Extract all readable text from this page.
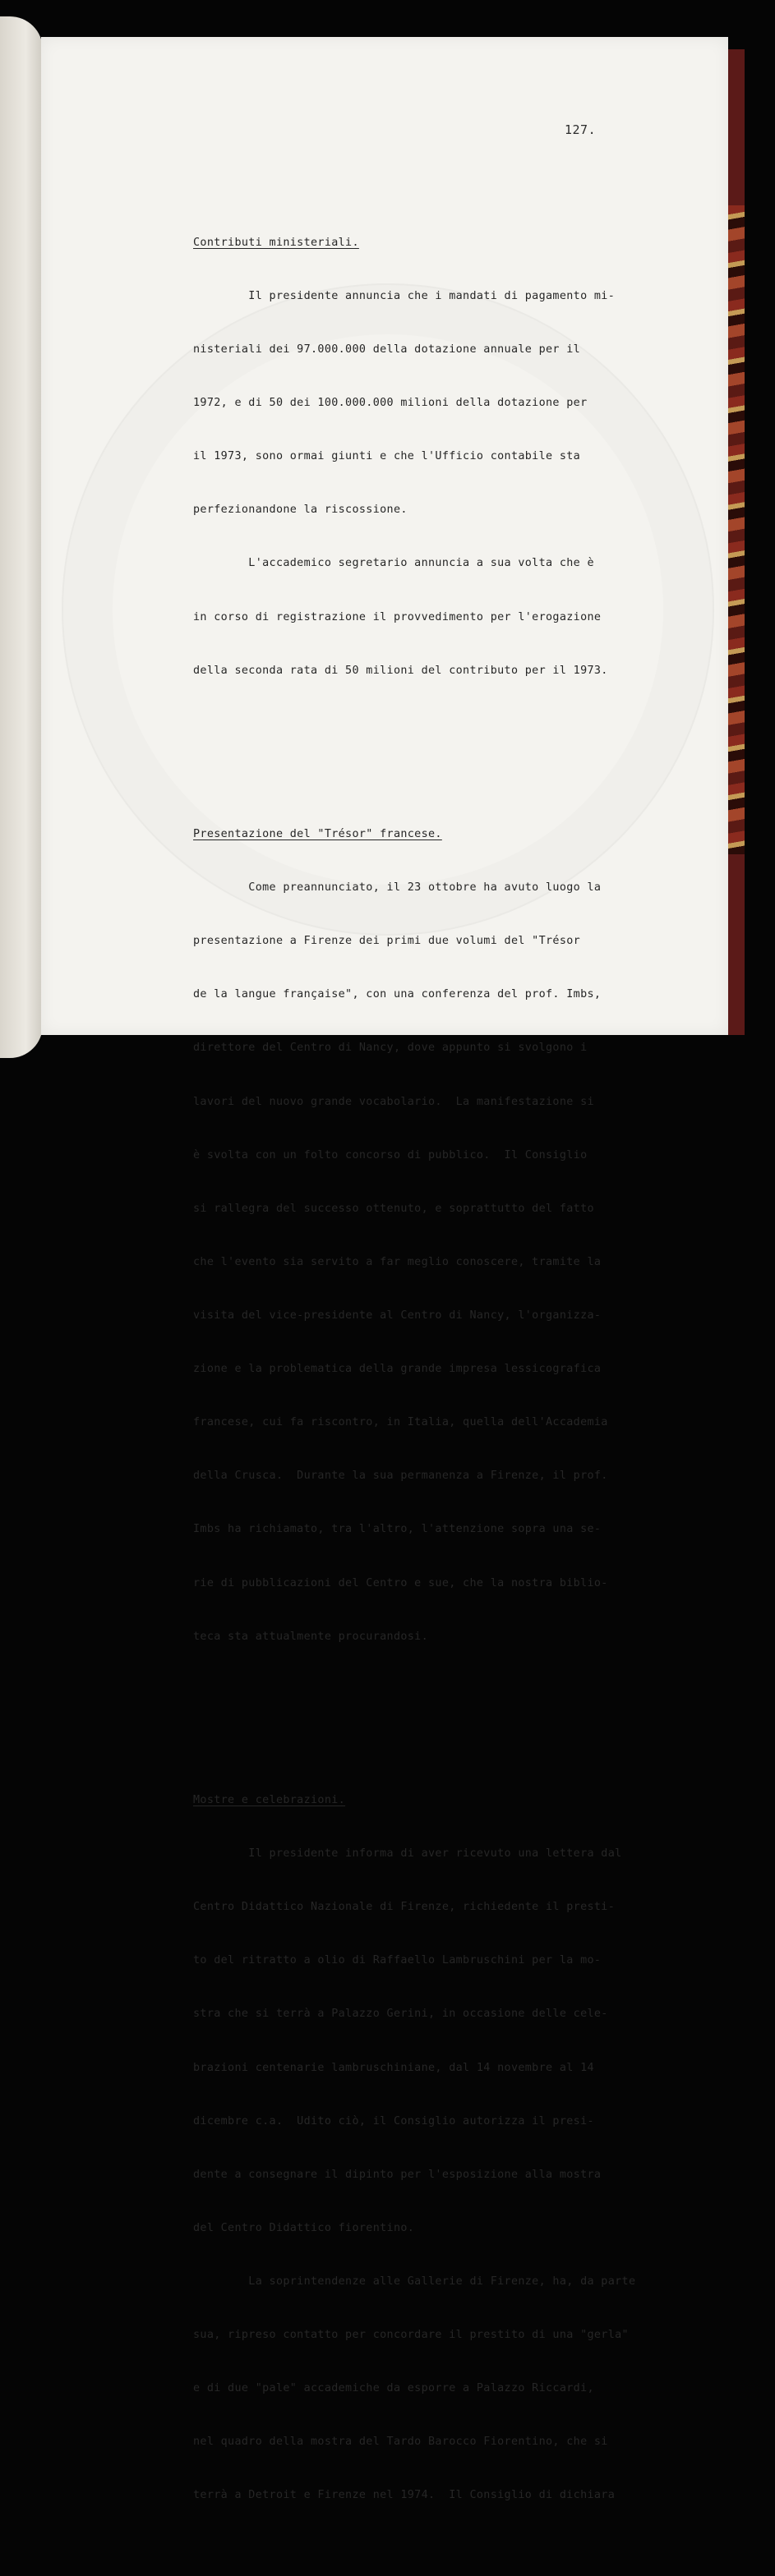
127.

Contributi ministeriali.

Il presidente annuncia che i mandati di pagamento mi-

nisteriali dei 97.000.000 della dotazione annuale per il

1972, e di 50 dei 100.000.000 milioni della dotazione per

il 1973, sono ormai giunti e che l'Ufficio contabile sta

perfezionandone la riscossione.

L'accademico segretario annuncia a sua volta che è

in corso di registrazione il provvedimento per l'erogazione

della seconda rata di 50 milioni del contributo per il 1973.

Presentazione del "Trésor" francese.

Come preannunciato, il 23 ottobre ha avuto luogo la

presentazione a Firenze dei primi due volumi del "Trésor

de la langue française", con una conferenza del prof. Imbs,

direttore del Centro di Nancy, dove appunto si svolgono i

lavori del nuovo grande vocabolario.  La manifestazione si

è svolta con un folto concorso di pubblico.  Il Consiglio

si rallegra del successo ottenuto, e soprattutto del fatto

che l'evento sia servito a far meglio conoscere, tramite la

visita del vice-presidente al Centro di Nancy, l'organizza-

zione e la problematica della grande impresa lessicografica

francese, cui fa riscontro, in Italia, quella dell'Accademia

della Crusca.  Durante la sua permanenza a Firenze, il prof.

Imbs ha richiamato, tra l'altro, l'attenzione sopra una se-

rie di pubblicazioni del Centro e sue, che la nostra biblio-

teca sta attualmente procurandosi.

Mostre e celebrazioni.

Il presidente informa di aver ricevuto una lettera dal

Centro Didattico Nazionale di Firenze, richiedente il presti-

to del ritratto a olio di Raffaello Lambruschini per la mo-

stra che si terrà a Palazzo Gerini, in occasione delle cele-

brazioni centenarie lambruschiniane, dal 14 novembre al 14

dicembre c.a.  Udito ciò, il Consiglio autorizza il presi-

dente a consegnare il dipinto per l'esposizione alla mostra

del Centro Didattico fiorentino.

La soprintendenze alle Gallerie di Firenze, ha, da parte

sua, ripreso contatto per concordare il prestito di una "gerla"

e di due "pale" accademiche da esporre a Palazzo Riccardi,

nel quadro della mostra del Tardo Barocco Fiorentino, che si

terrà a Detroit e Firenze nel 1974.  Il Consiglio di dichiara
